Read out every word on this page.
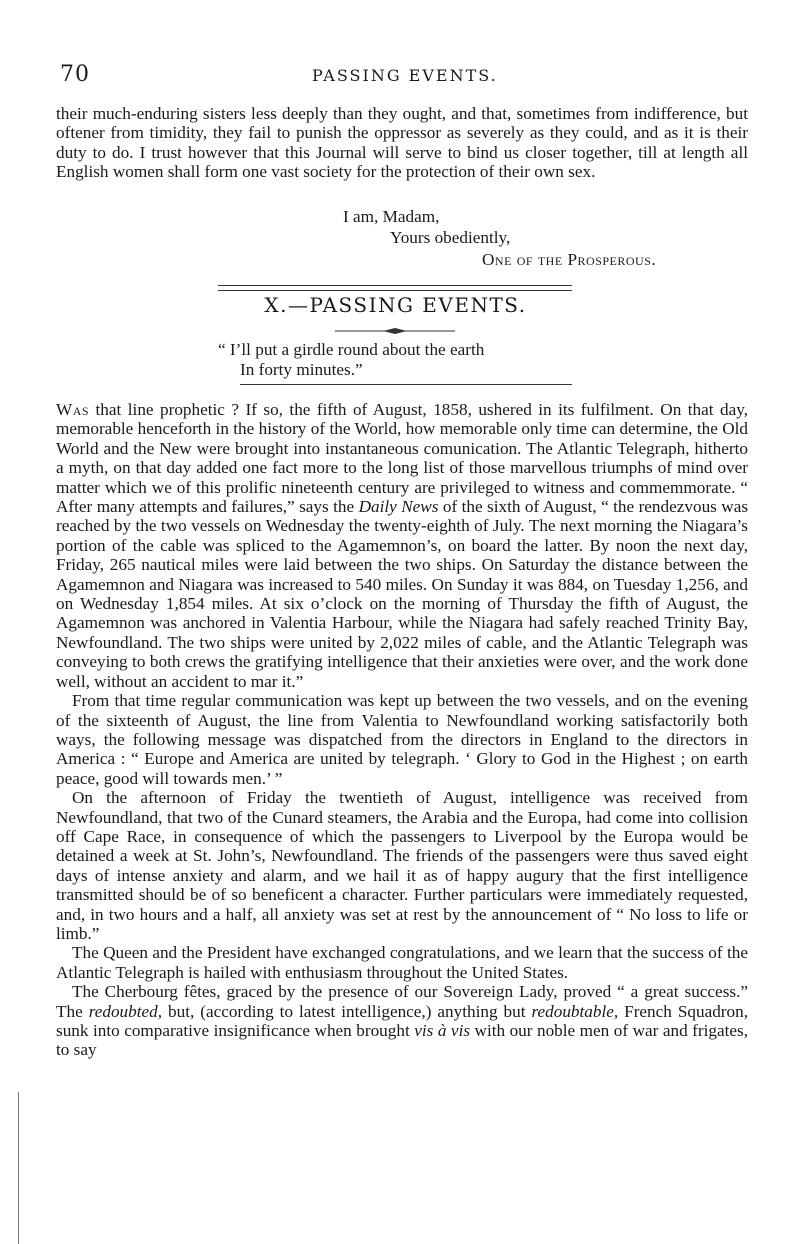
70	PASSING EVENTS.

their much-enduring sisters less deeply than they ought, and that, sometimes from indifference, but oftener from timidity, they fail to punish the oppressor as severely as they could, and as it is their duty to do. I trust however that this Journal will serve to bind us closer together, till at length all English women shall form one vast society for the protection of their own sex.

I am, Madam,
Yours obediently,
One of the Prosperous.
X.—PASSING EVENTS.
“ I’ll put a girdle round about the earth
In forty minutes.”

Was that line prophetic ? If so, the fifth of August, 1858, ushered in its fulfilment. On that day, memorable henceforth in the history of the World, how memorable only time can determine, the Old World and the New were brought into instantaneous comunication. The Atlantic Telegraph, hitherto a myth, on that day added one fact more to the long list of those marvellous triumphs of mind over matter which we of this prolific nineteenth century are privileged to witness and commemmorate. “ After many attempts and failures,” says the Daily News of the sixth of August, “ the rendezvous was reached by the two vessels on Wednesday the twenty-eighth of July. The next morning the Niagara’s portion of the cable was spliced to the Agamemnon’s, on board the latter. By noon the next day, Friday, 265 nautical miles were laid between the two ships. On Saturday the distance between the Agamemnon and Niagara was increased to 540 miles. On Sunday it was 884, on Tuesday 1,256, and on Wednesday 1,854 miles. At six o’clock on the morning of Thursday the fifth of August, the Agamemnon was anchored in Valentia Harbour, while the Niagara had safely reached Trinity Bay, Newfoundland. The two ships were united by 2,022 miles of cable, and the Atlantic Telegraph was conveying to both crews the gratifying intelligence that their anxieties were over, and the work done well, without an accident to mar it.”

From that time regular communication was kept up between the two vessels, and on the evening of the sixteenth of August, the line from Valentia to Newfoundland working satisfactorily both ways, the following message was dispatched from the directors in England to the directors in America : “ Europe and America are united by telegraph. ‘ Glory to God in the Highest ; on earth peace, good will towards men.’ ”

On the afternoon of Friday the twentieth of August, intelligence was received from Newfoundland, that two of the Cunard steamers, the Arabia and the Europa, had come into collision off Cape Race, in consequence of which the passengers to Liverpool by the Europa would be detained a week at St. John’s, Newfoundland. The friends of the passengers were thus saved eight days of intense anxiety and alarm, and we hail it as of happy augury that the first intelligence transmitted should be of so beneficent a character. Further particulars were immediately requested, and, in two hours and a half, all anxiety was set at rest by the announcement of “ No loss to life or limb.”

The Queen and the President have exchanged congratulations, and we learn that the success of the Atlantic Telegraph is hailed with enthusiasm throughout the United States.

The Cherbourg fêtes, graced by the presence of our Sovereign Lady, proved “ a great success.” The redoubted, but, (according to latest intelligence,) anything but redoubtable, French Squadron, sunk into comparative insignificance when brought vis à vis with our noble men of war and frigates, to say
